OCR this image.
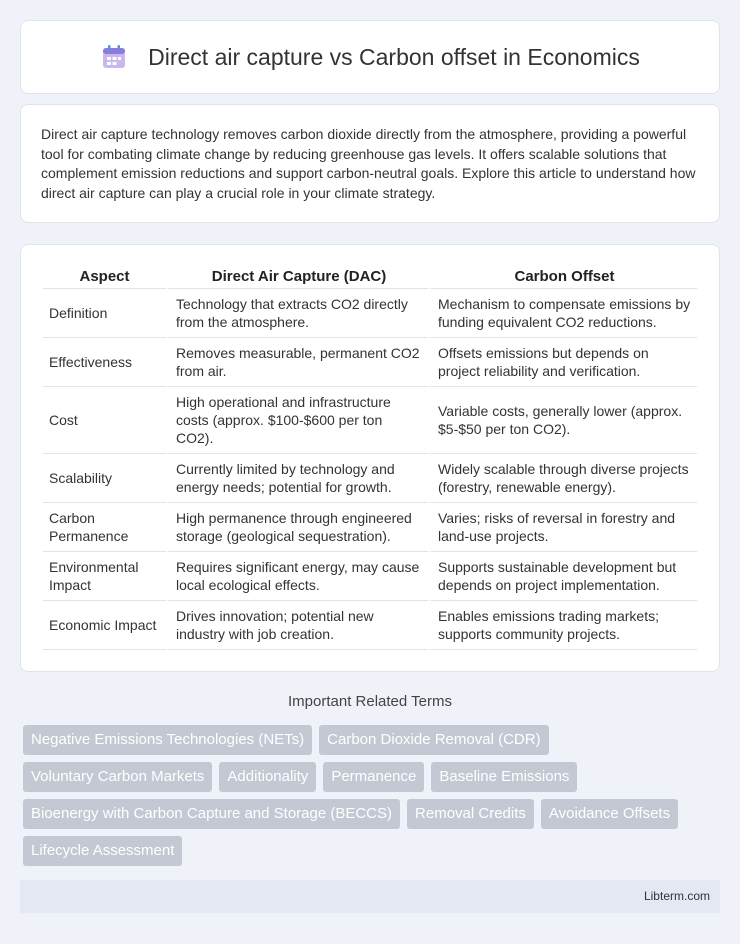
Direct air capture vs Carbon offset in Economics

Direct air capture technology removes carbon dioxide directly from the atmosphere, providing a powerful tool for combating climate change by reducing greenhouse gas levels. It offers scalable solutions that complement emission reductions and support carbon-neutral goals. Explore this article to understand how direct air capture can play a crucial role in your climate strategy.

Aspect	Direct Air Capture (DAC)	Carbon Offset
Definition	Technology that extracts CO2 directly from the atmosphere.	Mechanism to compensate emissions by funding equivalent CO2 reductions.
Effectiveness	Removes measurable, permanent CO2 from air.	Offsets emissions but depends on project reliability and verification.
Cost	High operational and infrastructure costs (approx. $100-$600 per ton CO2).	Variable costs, generally lower (approx. $5-$50 per ton CO2).
Scalability	Currently limited by technology and energy needs; potential for growth.	Widely scalable through diverse projects (forestry, renewable energy).
Carbon Permanence	High permanence through engineered storage (geological sequestration).	Varies; risks of reversal in forestry and land-use projects.
Environmental Impact	Requires significant energy, may cause local ecological effects.	Supports sustainable development but depends on project implementation.
Economic Impact	Drives innovation; potential new industry with job creation.	Enables emissions trading markets; supports community projects.
Important Related Terms
Negative Emissions Technologies (NETs)	Carbon Dioxide Removal (CDR)
Voluntary Carbon Markets	Additionality	Permanence	Baseline Emissions
Bioenergy with Carbon Capture and Storage (BECCS)	Removal Credits	Avoidance Offsets
Lifecycle Assessment
Libterm.com
